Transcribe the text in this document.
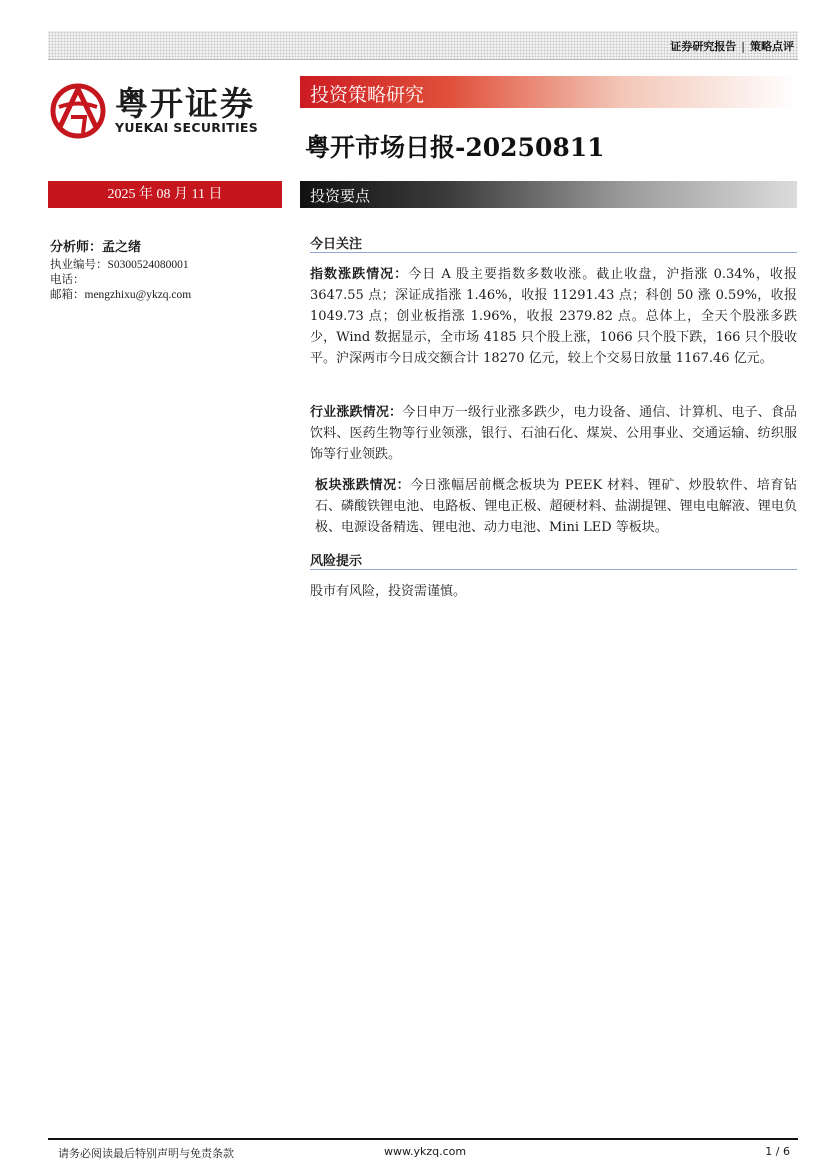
证券研究报告 | 策略点评
粤开证券
YUEKAI SECURITIES
投资策略研究
粤开市场日报-20250811
2025 年 08 月 11 日	投资要点
分析师：孟之绪
执业编号：S0300524080001
电话：
邮箱：mengzhixu@ykzq.com
今日关注
指数涨跌情况：今日 A 股主要指数多数收涨。截止收盘，沪指涨 0.34%，收报 3647.55 点；深证成指涨 1.46%，收报 11291.43 点；科创 50 涨 0.59%，收报 1049.73 点；创业板指涨 1.96%，收报 2379.82 点。总体上，全天个股涨多跌少，Wind 数据显示，全市场 4185 只个股上涨，1066 只个股下跌，166 只个股收平。沪深两市今日成交额合计 18270 亿元，较上个交易日放量 1167.46 亿元。
行业涨跌情况：今日申万一级行业涨多跌少，电力设备、通信、计算机、电子、食品饮料、医药生物等行业领涨，银行、石油石化、煤炭、公用事业、交通运输、纺织服饰等行业领跌。
板块涨跌情况：今日涨幅居前概念板块为 PEEK 材料、锂矿、炒股软件、培育钻石、磷酸铁锂电池、电路板、锂电正极、超硬材料、盐湖提锂、锂电电解液、锂电负极、电源设备精选、锂电池、动力电池、Mini LED 等板块。
风险提示
股市有风险，投资需谨慎。
请务必阅读最后特别声明与免责条款	www.ykzq.com	1 / 6
